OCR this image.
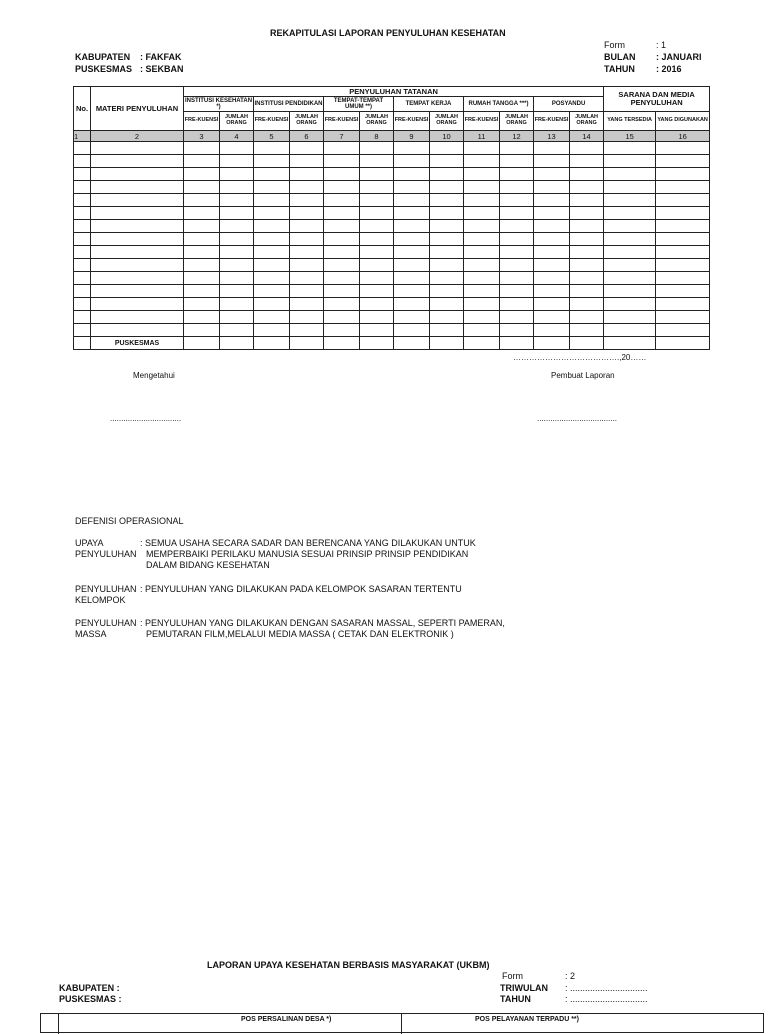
REKAPITULASI LAPORAN PENYULUHAN KESEHATAN
Form	: 1
BULAN : JANUARI
TAHUN : 2016
KABUPATEN : FAKFAK
PUSKESMAS : SEKBAN
No.	MATERI PENYULUHAN	PENYULUHAN TATANAN												SARANA DAN MEDIA PENYULUHAN	
		INSTITUSI KESEHATAN *)		INSTITUSI PENDIDIKAN		TEMPAT-TEMPAT UMUM **)		TEMPAT KERJA		RUMAH TANGGA ***)		POSYANDU			
		FRE-KUENSI	JUMLAH ORANG	FRE-KUENSI	JUMLAH ORANG	FRE-KUENSI	JUMLAH ORANG	FRE-KUENSI	JUMLAH ORANG	FRE-KUENSI	JUMLAH ORANG	FRE-KUENSI	JUMLAH ORANG	YANG TERSEDIA	YANG DIGUNAKAN
1	2	3	4	5	6	7	8	9	10	11	12	13	14	15	16

	PUSKESMAS														
………………………………….,20……
Mengetahui	Pembuat Laporan
................................	....................................
DEFENISI OPERASIONAL
UPAYA
PENYULUHAN
: SEMUA USAHA SECARA SADAR DAN BERENCANA YANG DILAKUKAN UNTUK
MEMPERBAIKI PERILAKU MANUSIA SESUAI PRINSIP PRINSIP PENDIDIKAN
DALAM BIDANG KESEHATAN
PENYULUHAN
KELOMPOK
: PENYULUHAN YANG DILAKUKAN PADA KELOMPOK SASARAN TERTENTU
PENYULUHAN
MASSA
: PENYULUHAN YANG DILAKUKAN DENGAN SASARAN MASSAL, SEPERTI PAMERAN,
PEMUTARAN FILM,MELALUI MEDIA MASSA ( CETAK DAN ELEKTRONIK )
LAPORAN UPAYA KESEHATAN BERBASIS MASYARAKAT (UKBM)
Form	: 2
KABUPATEN :
PUSKESMAS :
TRIWULAN : ...............................
TAHUN	: ...............................
POS PERSALINAN DESA *)	POS PELAYANAN TERPADU **)
